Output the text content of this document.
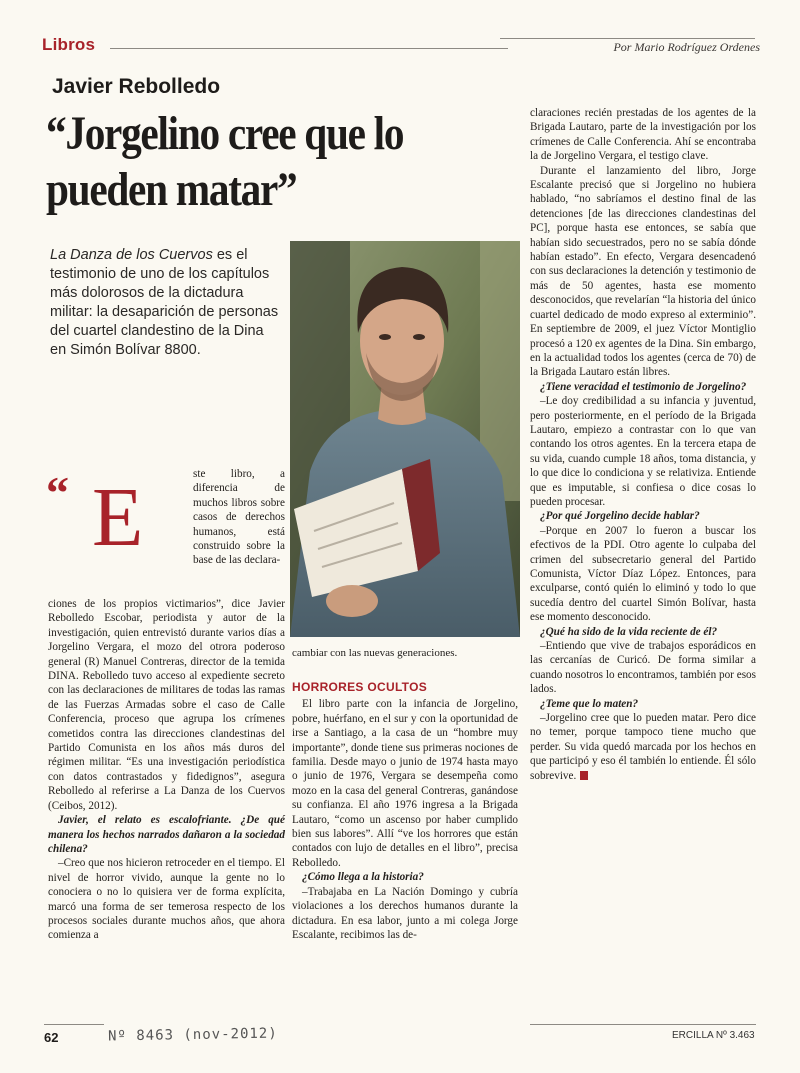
Libros	Por Mario Rodríguez Ordenes
Javier Rebolledo
“Jorgelino cree que lo pueden matar”
La Danza de los Cuervos es el testimonio de uno de los capítulos más dolorosos de la dictadura militar: la desaparición de personas del cuartel clandestino de la Dina en Simón Bolívar 8800.
cambiar con las nuevas generaciones.
“ E	ste libro, a diferencia de muchos libros sobre casos de derechos humanos, está construido sobre la base de las declara-

ciones de los propios victimarios”, dice Javier Rebolledo Escobar, periodista y autor de la investigación, quien entrevistó durante varios días a Jorgelino Vergara, el mozo del otrora poderoso general (R) Manuel Contreras, director de la temida DINA. Rebolledo tuvo acceso al expediente secreto con las declaraciones de militares de todas las ramas de las Fuerzas Armadas sobre el caso de Calle Conferencia, proceso que agrupa los crímenes cometidos contra las direcciones clandestinas del Partido Comunista en los años más duros del régimen militar. “Es una investigación periodística con datos contrastados y fidedignos”, asegura Rebolledo al referirse a La Danza de los Cuervos (Ceibos, 2012).

Javier, el relato es escalofriante. ¿De qué manera los hechos narrados dañaron a la sociedad chilena?

–Creo que nos hicieron retroceder en el tiempo. El nivel de horror vivido, aunque la gente no lo conociera o no lo quisiera ver de forma explícita, marcó una forma de ser temerosa respecto de los procesos sociales durante muchos años, que ahora comienza a

HORRORES OCULTOS

El libro parte con la infancia de Jorgelino, pobre, huérfano, en el sur y con la oportunidad de irse a Santiago, a la casa de un “hombre muy importante”, donde tiene sus primeras nociones de familia. Desde mayo o junio de 1974 hasta mayo o junio de 1976, Vergara se desempeña como mozo en la casa del general Contreras, ganándose su confianza. El año 1976 ingresa a la Brigada Lautaro, “como un ascenso por haber cumplido bien sus labores”. Allí “ve los horrores que están contados con lujo de detalles en el libro”, precisa Rebolledo.

¿Cómo llega a la historia?

–Trabajaba en La Nación Domingo y cubría violaciones a los derechos humanos durante la dictadura. En esa labor, junto a mi colega Jorge Escalante, recibimos las de-

claraciones recién prestadas de los agentes de la Brigada Lautaro, parte de la investigación por los crímenes de Calle Conferencia. Ahí se encontraba la de Jorgelino Vergara, el testigo clave.

Durante el lanzamiento del libro, Jorge Escalante precisó que si Jorgelino no hubiera hablado, “no sabríamos el destino final de las detenciones [de las direcciones clandestinas del PC], porque hasta ese entonces, se sabía que habían sido secuestrados, pero no se sabía dónde habían estado”. En efecto, Vergara desencadenó con sus declaraciones la detención y testimonio de más de 50 agentes, hasta ese momento desconocidos, que revelarían “la historia del único cuartel dedicado de modo expreso al exterminio”. En septiembre de 2009, el juez Víctor Montiglio procesó a 120 ex agentes de la Dina. Sin embargo, en la actualidad todos los agentes (cerca de 70) de la Brigada Lautaro están libres.

¿Tiene veracidad el testimonio de Jorgelino?

–Le doy credibilidad a su infancia y juventud, pero posteriormente, en el período de la Brigada Lautaro, empiezo a contrastar con lo que van contando los otros agentes. En la tercera etapa de su vida, cuando cumple 18 años, toma distancia, y lo que dice lo condiciona y se relativiza. Entiende que es imputable, si confiesa o dice cosas lo pueden procesar.

¿Por qué Jorgelino decide hablar?

–Porque en 2007 lo fueron a buscar los efectivos de la PDI. Otro agente lo culpaba del crimen del subsecretario general del Partido Comunista, Víctor Díaz López. Entonces, para exculparse, contó quién lo eliminó y todo lo que sucedía dentro del cuartel Simón Bolívar, hasta ese momento desconocido.

¿Qué ha sido de la vida reciente de él?

–Entiendo que vive de trabajos esporádicos en las cercanías de Curicó. De forma similar a cuando nosotros lo encontramos, también por esos lados.

¿Teme que lo maten?

–Jorgelino cree que lo pueden matar. Pero dice no temer, porque tampoco tiene mucho que perder. Su vida quedó marcada por los hechos en que participó y eso él también lo entiende. Él sólo sobrevive.

62	Nº 8463 (nov-2012)	ERCILLA Nº 3.463
